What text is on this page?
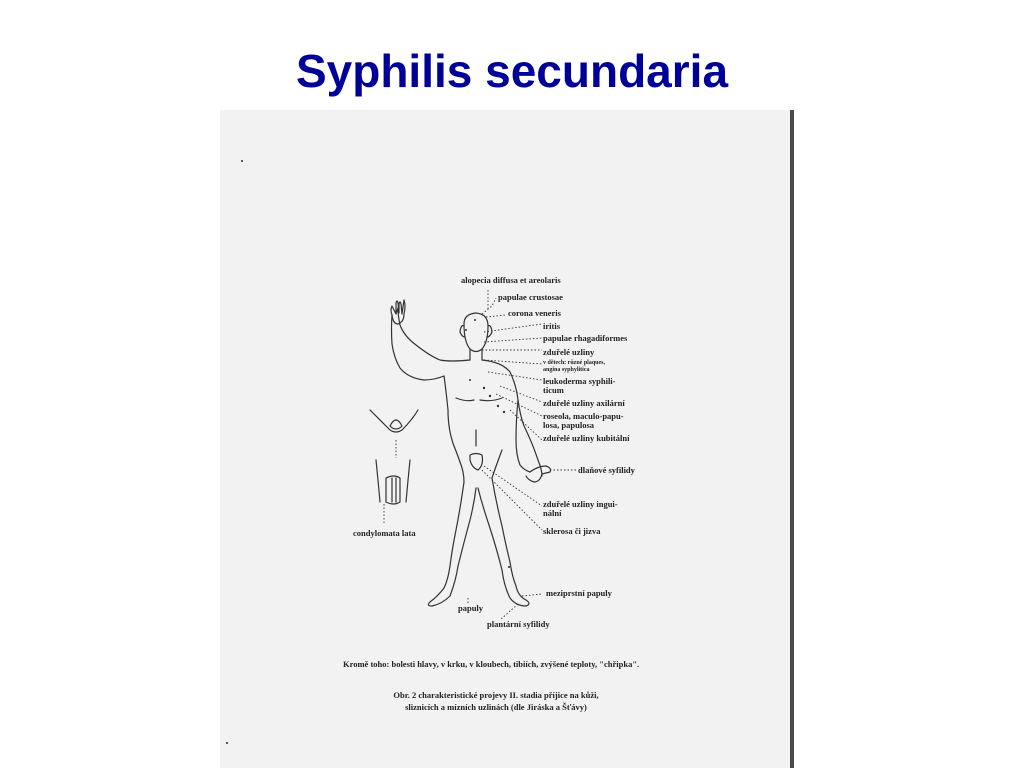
Syphilis secundaria
alopecia diffusa et areolaris
papulae crustosae
corona veneris
iritis
papulae rhagadiformes
zduřelé uzliny
v dětech: různé plaques,
angina syphylitica
leukoderma syphili-
ticum
zduřelé uzliny axilární
roseola, maculo-papu-
losa, papulosa
zduřelé uzliny kubitální
dlaňové syfilidy
zduřelé uzliny ingui-
nální
sklerosa či jizva
meziprstní papuly
papuly
plantární syfilidy
condylomata lata
Kromě toho: bolesti hlavy, v krku, v kloubech, tibiích, zvýšené teploty, "chřipka".
Obr. 2 charakteristické projevy II. stadia příjice na kůži,
sliznicích a mízních uzlinách (dle Jiráska a Šťávy)
